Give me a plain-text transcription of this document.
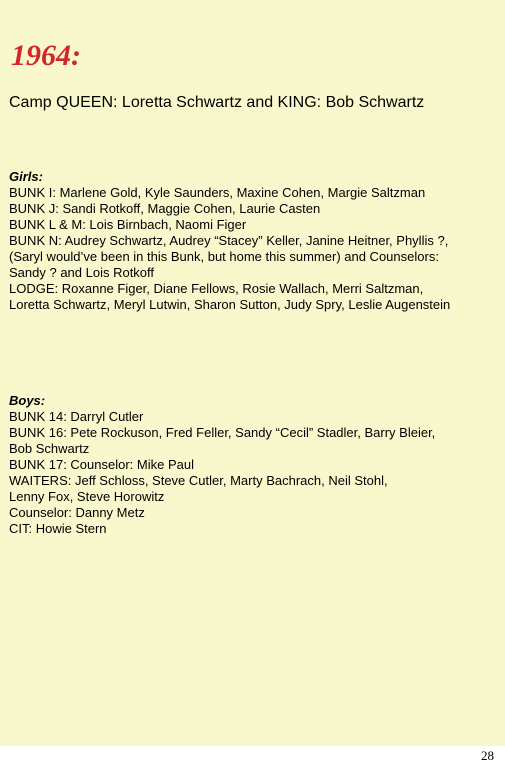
1964:
Camp QUEEN: Loretta Schwartz and KING: Bob Schwartz
Girls:
BUNK I: Marlene Gold, Kyle Saunders, Maxine Cohen, Margie Saltzman
BUNK J: Sandi Rotkoff, Maggie Cohen, Laurie Casten
BUNK L & M: Lois Birnbach, Naomi Figer
BUNK N: Audrey Schwartz, Audrey “Stacey” Keller, Janine Heitner, Phyllis ?,
(Saryl would’ve been in this Bunk, but home this summer) and Counselors:
Sandy ? and Lois Rotkoff
LODGE: Roxanne Figer, Diane Fellows, Rosie Wallach, Merri Saltzman,
Loretta Schwartz, Meryl Lutwin, Sharon Sutton, Judy Spry, Leslie Augenstein
Boys:
BUNK 14: Darryl Cutler
BUNK 16: Pete Rockuson, Fred Feller, Sandy “Cecil” Stadler, Barry Bleier,
Bob Schwartz
BUNK 17: Counselor: Mike Paul
WAITERS: Jeff Schloss, Steve Cutler, Marty Bachrach, Neil Stohl,
Lenny Fox, Steve Horowitz
Counselor: Danny Metz
CIT: Howie Stern
28
